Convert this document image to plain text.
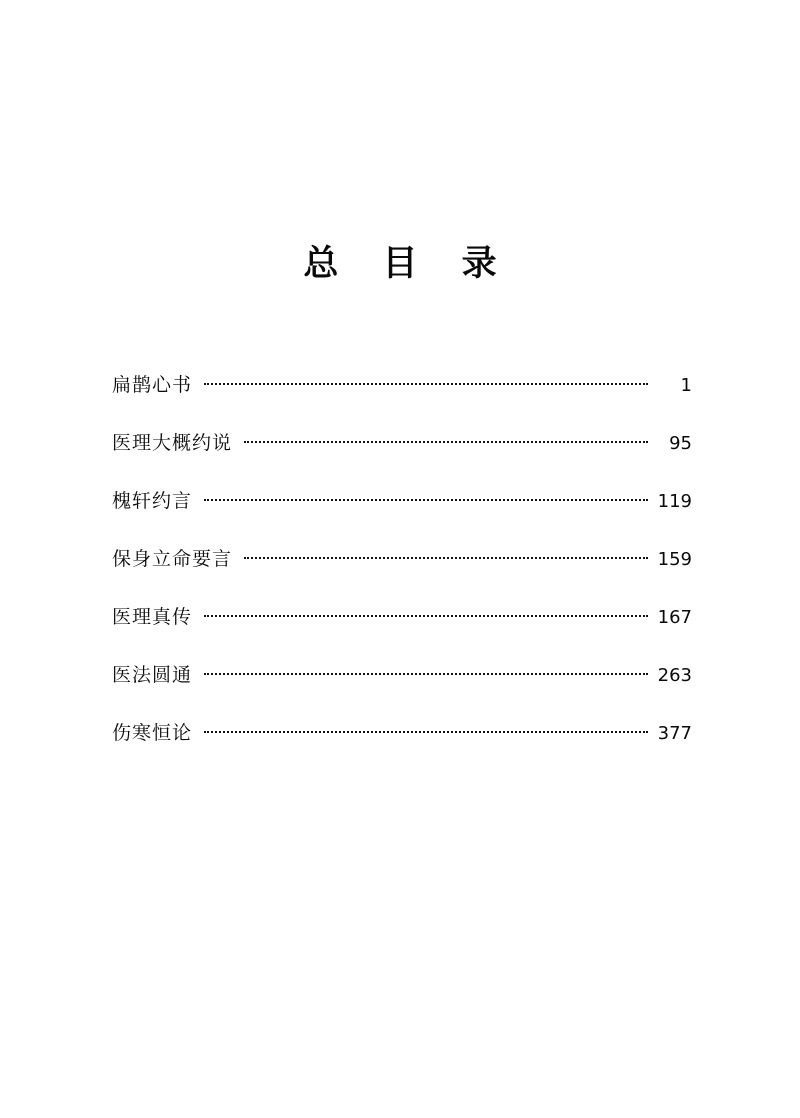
总 目 录
扁鹊心书	1
医理大概约说	95
槐轩约言	119
保身立命要言	159
医理真传	167
医法圆通	263
伤寒恒论	377
